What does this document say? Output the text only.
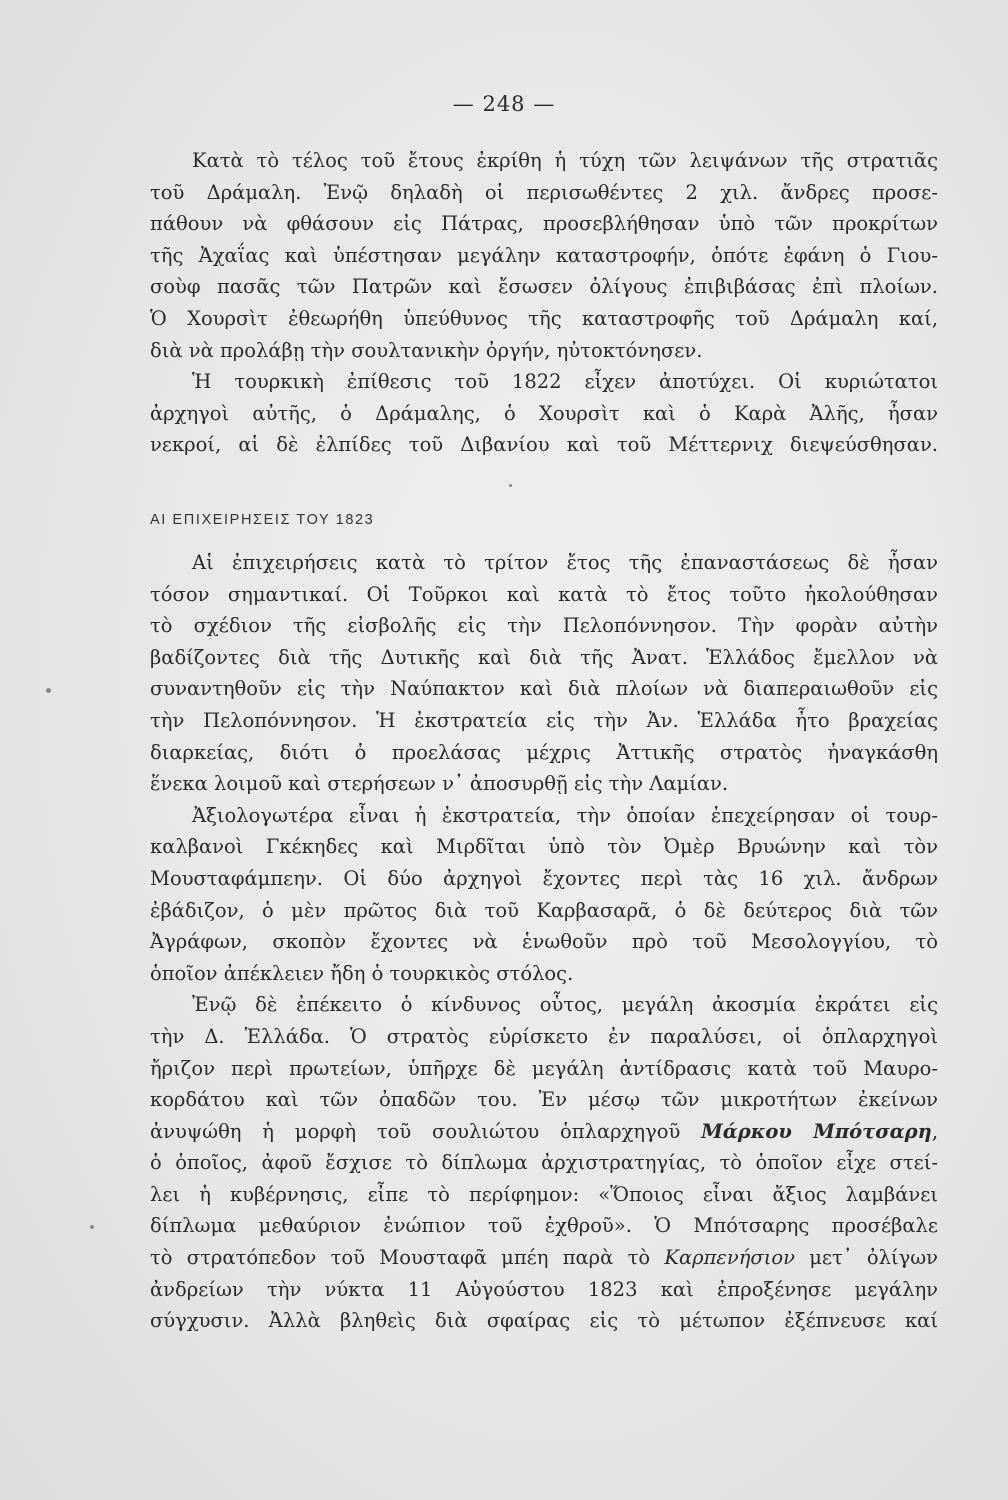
— 248 —
Κατὰ τὸ τέλος τοῦ ἔτους ἐκρίθη ἡ τύχη τῶν λειψάνων τῆς στρατιᾶς
τοῦ Δράμαλη. Ἐνῷ δηλαδὴ οἱ περισωθέντες 2 χιλ. ἄνδρες προσε-
πάθουν νὰ φθάσουν εἰς Πάτρας, προσεβλήθησαν ὑπὸ τῶν προκρίτων
τῆς Ἀχαΐας καὶ ὑπέστησαν μεγάλην καταστροφήν, ὁπότε ἐφάνη ὁ Γιου-
σοὺφ πασᾶς τῶν Πατρῶν καὶ ἔσωσεν ὀλίγους ἐπιβιβάσας ἐπὶ πλοίων.
Ὁ Χουρσὶτ ἐθεωρήθη ὑπεύθυνος τῆς καταστροφῆς τοῦ Δράμαλη καί,
διὰ νὰ προλάβῃ τὴν σουλτανικὴν ὀργήν, ηὐτοκτόνησεν.
Ἡ τουρκικὴ ἐπίθεσις τοῦ 1822 εἶχεν ἀποτύχει. Οἱ κυριώτατοι
ἀρχηγοὶ αὐτῆς, ὁ Δράμαλης, ὁ Χουρσὶτ καὶ ὁ Καρὰ Ἀλῆς, ἦσαν
νεκροί, αἱ δὲ ἐλπίδες τοῦ Διβανίου καὶ τοῦ Μέττερνιχ διεψεύσθησαν.
ΑΙ ΕΠΙΧΕΙΡΗΣΕΙΣ ΤΟΥ 1823
Αἱ ἐπιχειρήσεις κατὰ τὸ τρίτον ἔτος τῆς ἐπαναστάσεως δὲ ἦσαν
τόσον σημαντικαί. Οἱ Τοῦρκοι καὶ κατὰ τὸ ἔτος τοῦτο ἠκολούθησαν
τὸ σχέδιον τῆς εἰσβολῆς εἰς τὴν Πελοπόννησον. Τὴν φορὰν αὐτὴν
βαδίζοντες διὰ τῆς Δυτικῆς καὶ διὰ τῆς Ἀνατ. Ἑλλάδος ἔμελλον νὰ
συναντηθοῦν εἰς τὴν Ναύπακτον καὶ διὰ πλοίων νὰ διαπεραιωθοῦν εἰς
τὴν Πελοπόννησον. Ἡ ἐκστρατεία εἰς τὴν Ἀν. Ἑλλάδα ἦτο βραχείας
διαρκείας, διότι ὁ προελάσας μέχρις Ἀττικῆς στρατὸς ἠναγκάσθη
ἕνεκα λοιμοῦ καὶ στερήσεων ν᾽ ἀποσυρθῇ εἰς τὴν Λαμίαν.
Ἀξιολογωτέρα εἶναι ἡ ἐκστρατεία, τὴν ὁποίαν ἐπεχείρησαν οἱ τουρ-
καλβανοὶ Γκέκηδες καὶ Μιρδῖται ὑπὸ τὸν Ὀμὲρ Βρυώνην καὶ τὸν
Μουσταφάμπεην. Οἱ δύο ἀρχηγοὶ ἔχοντες περὶ τὰς 16 χιλ. ἄνδρων
ἐβάδιζον, ὁ μὲν πρῶτος διὰ τοῦ Καρβασαρᾶ, ὁ δὲ δεύτερος διὰ τῶν
Ἀγράφων, σκοπὸν ἔχοντες νὰ ἑνωθοῦν πρὸ τοῦ Μεσολογγίου, τὸ
ὁποῖον ἀπέκλειεν ἤδη ὁ τουρκικὸς στόλος.
Ἐνῷ δὲ ἐπέκειτο ὁ κίνδυνος οὗτος, μεγάλη ἀκοσμία ἐκράτει εἰς
τὴν Δ. Ἑλλάδα. Ὁ στρατὸς εὑρίσκετο ἐν παραλύσει, οἱ ὁπλαρχηγοὶ
ἤριζον περὶ πρωτείων, ὑπῆρχε δὲ μεγάλη ἀντίδρασις κατὰ τοῦ Μαυρο-
κορδάτου καὶ τῶν ὀπαδῶν του. Ἐν μέσῳ τῶν μικροτήτων ἐκείνων
ἀνυψώθη ἡ μορφὴ τοῦ σουλιώτου ὁπλαρχηγοῦ Μάρκου Μπότσαρη,
ὁ ὁποῖος, ἀφοῦ ἔσχισε τὸ δίπλωμα ἀρχιστρατηγίας, τὸ ὁποῖον εἶχε στεί-
λει ἡ κυβέρνησις, εἶπε τὸ περίφημον: «Ὅποιος εἶναι ἄξιος λαμβάνει
δίπλωμα μεθαύριον ἐνώπιον τοῦ ἐχθροῦ». Ὁ Μπότσαρης προσέβαλε
τὸ στρατόπεδον τοῦ Μουσταφᾶ μπέη παρὰ τὸ Καρπενήσιον μετ᾽ ὀλίγων
ἀνδρείων τὴν νύκτα 11 Αὐγούστου 1823 καὶ ἐπροξένησε μεγάλην
σύγχυσιν. Ἀλλὰ βληθεὶς διὰ σφαίρας εἰς τὸ μέτωπον ἐξέπνευσε καί
